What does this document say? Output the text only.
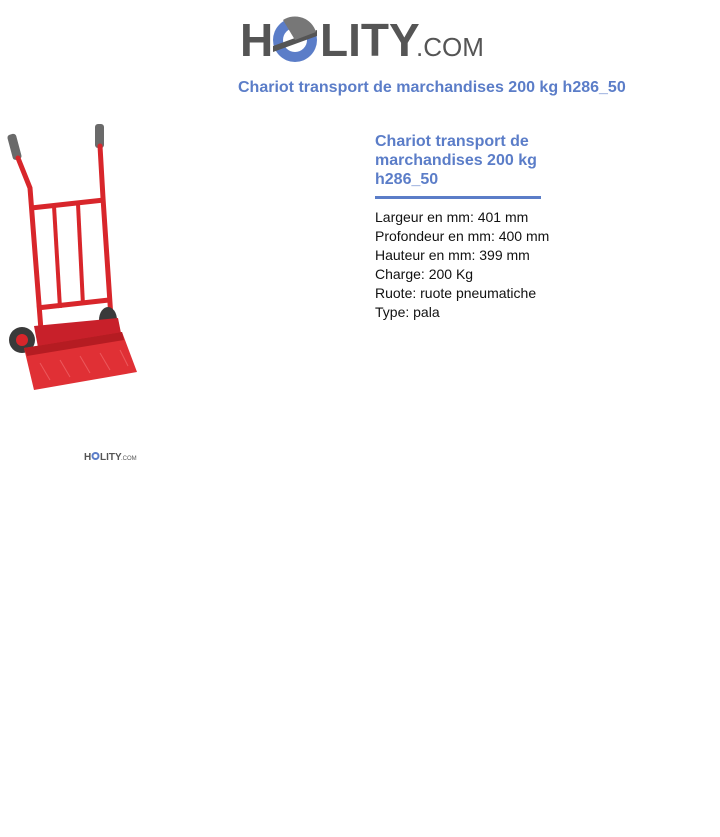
H LITY
.COM
Chariot transport de marchandises 200 kg h286_50
H LITY .COM
Chariot transport de marchandises 200 kg h286_50
Largeur en mm: 401 mm
Profondeur en mm: 400 mm
Hauteur en mm: 399 mm
Charge: 200 Kg
Ruote: ruote pneumatiche
Type: pala
